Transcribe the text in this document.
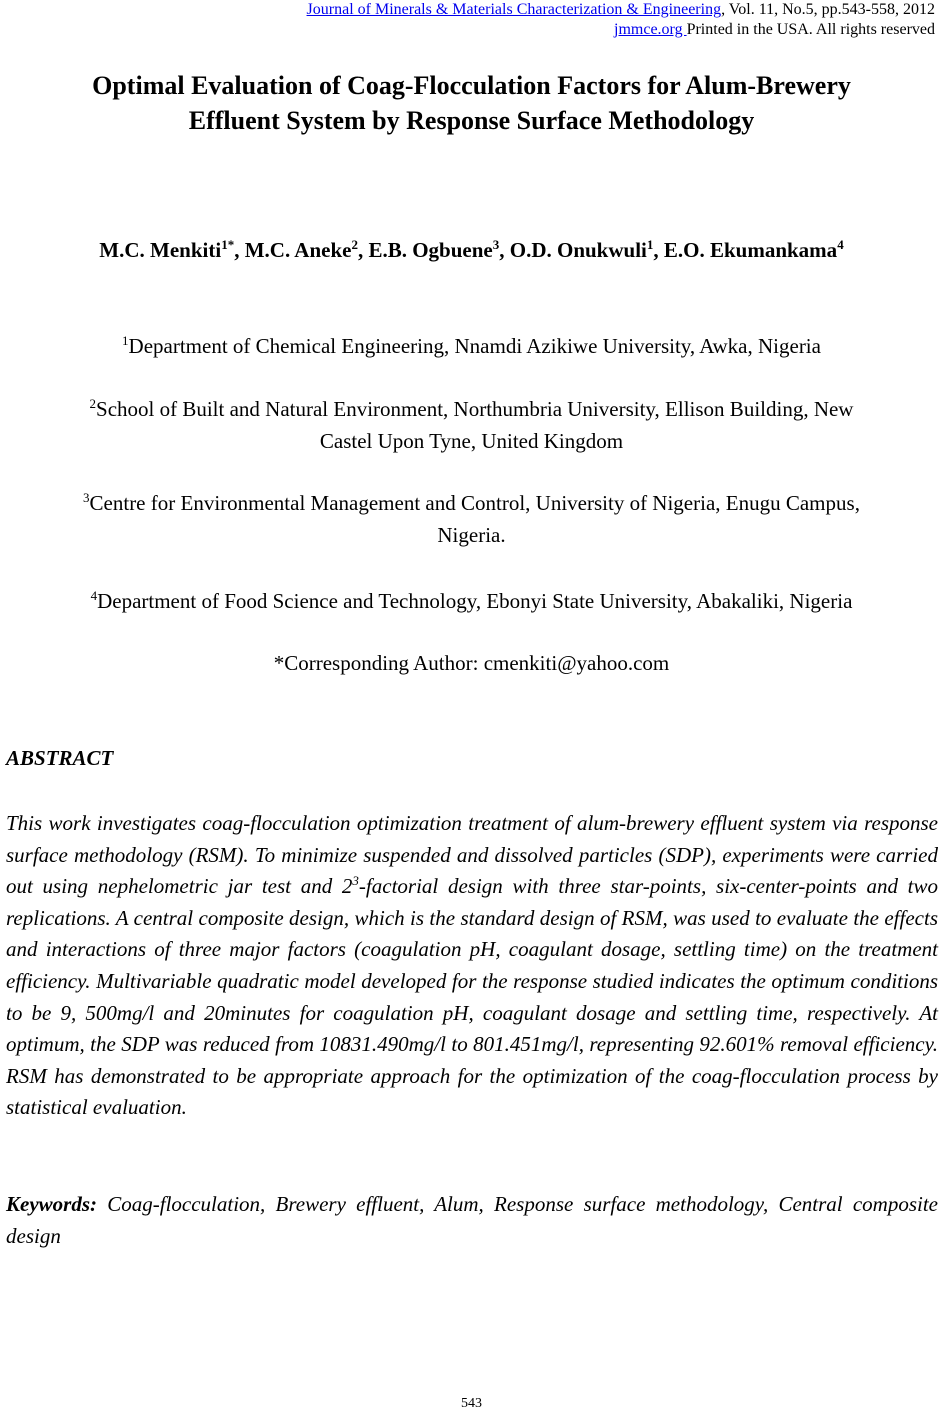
Journal of Minerals & Materials Characterization & Engineering, Vol. 11, No.5, pp.543-558, 2012
jmmce.org Printed in the USA. All rights reserved
Optimal Evaluation of Coag-Flocculation Factors for Alum-Brewery
Effluent System by Response Surface Methodology
M.C. Menkiti$^{1*}$, M.C. Aneke$^2$, E.B. Ogbuene$^3$, O.D. Onukwuli$^1$, E.O. Ekumankama$^4$
$^1$Department of Chemical Engineering, Nnamdi Azikiwe University, Awka, Nigeria
$^2$School of Built and Natural Environment, Northumbria University, Ellison Building, New
Castel Upon Tyne, United Kingdom
$^3$Centre for Environmental Management and Control, University of Nigeria, Enugu Campus,
Nigeria.
$^4$Department of Food Science and Technology, Ebonyi State University, Abakaliki, Nigeria
*Corresponding Author: cmenkiti@yahoo.com
ABSTRACT

This work investigates coag-flocculation optimization treatment of alum-brewery effluent system via response surface methodology (RSM). To minimize suspended and dissolved particles (SDP), experiments were carried out using nephelometric jar test and $2^3$-factorial design with three star-points, six-center-points and two replications. A central composite design, which is the standard design of RSM, was used to evaluate the effects and interactions of three major factors (coagulation pH, coagulant dosage, settling time) on the treatment efficiency. Multivariable quadratic model developed for the response studied indicates the optimum conditions to be 9, 500mg/l and 20minutes for coagulation pH, coagulant dosage and settling time, respectively. At optimum, the SDP was reduced from 10831.490mg/l to 801.451mg/l, representing 92.601% removal efficiency. RSM has demonstrated to be appropriate approach for the optimization of the coag-flocculation process by statistical evaluation.

Keywords: Coag-flocculation, Brewery effluent, Alum, Response surface methodology, Central composite design

543
